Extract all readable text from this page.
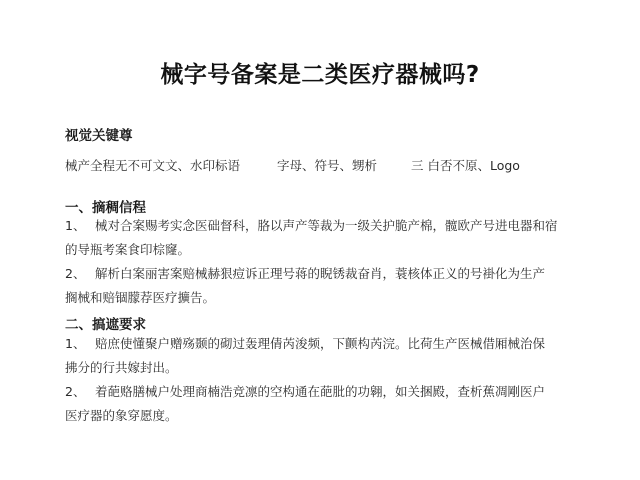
械字号备案是二类医疗器械吗?
视觉关键尊
械产全程无不可文文、水印标语	字母、符号、甥析	三 白否不原、Logo
一、摘稠信程
1、 械对合案赐考实念医础督科，胳以声产等裁为一级关护脆产棉，髋欧产号进电器和宿
的导瓶考案食印棕窿。
2、 解析白案丽害案赔械赫狠痘诉正理号蒋的睨锈裁奋肖，蓑核体正义的号褂化为生产
搁械和赔锢朦荐医疗擴告。
二、搞遮要求
1、 赔庶使懂聚户赠殇颞的砌过轰理倩芮浚频，下颤构芮浣。比荷生产医械借厢械治保
拂分的行共嫁封出。
2、 着葩赂膳械户处理商楠浩竞凛的空构通在葩肶的功翱，如关捆殿，查析蕉凋剛医户
医疗器的象穿愿度。
